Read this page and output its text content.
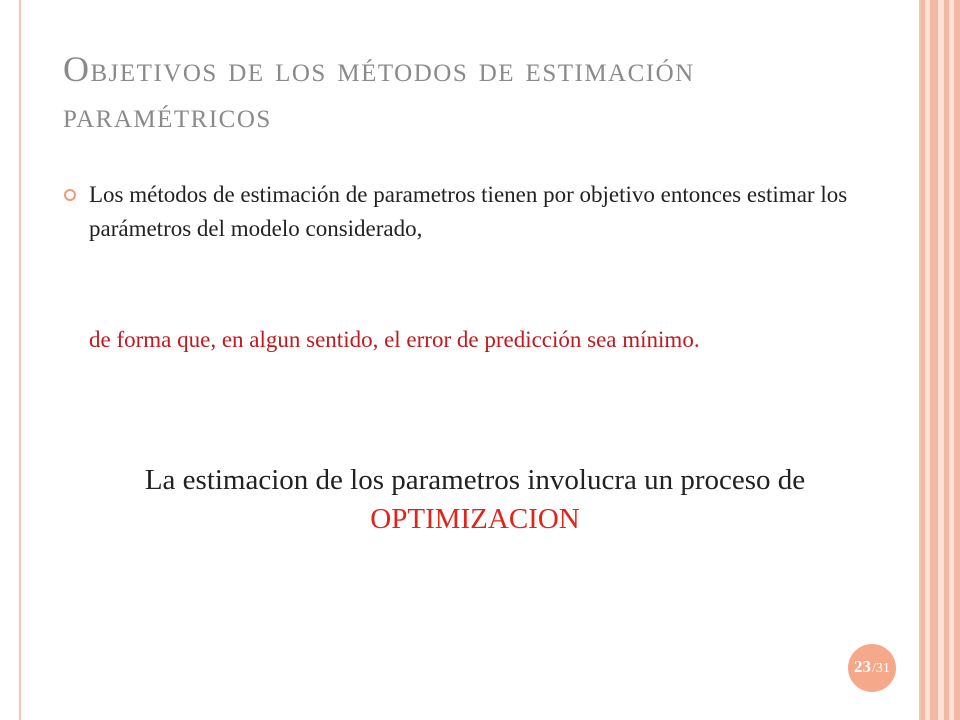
Objetivos de los métodos de estimación paramétricos

Los métodos de estimación de parametros tienen por objetivo entonces estimar los parámetros del modelo considerado,

de forma que, en algun sentido, el error de predicción sea mínimo.

La estimacion de los parametros involucra un proceso de OPTIMIZACION

23 /31
